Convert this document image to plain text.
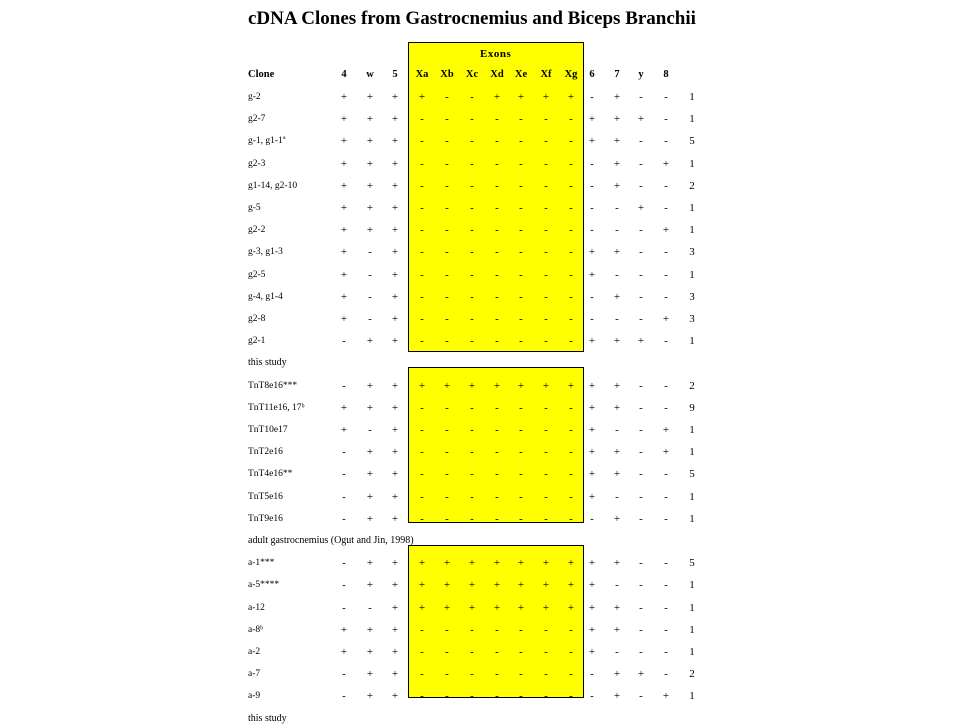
cDNA Clones from Gastrocnemius and Biceps Branchii
Exons
Clone	4	w	5	Xa Xb Xc Xd Xe Xf Xg	6	7	y	8
g-2	+	+	+	+	-	-	+	+	+	+	-	+	-	-	1
g2-7	+	+	+	-	-	-	-	-	-	-	+	+	+	-	1
g-1, g1-1ª	+	+	+	-	-	-	-	-	-	-	+	+	-	-	5
g2-3	+	+	+	-	-	-	-	-	-	-	-	+	-	+	1
g1-14, g2-10	+	+	+	-	-	-	-	-	-	-	-	+	-	-	2
g-5	+	+	+	-	-	-	-	-	-	-	-	-	+	-	1
g2-2	+	+	+	-	-	-	-	-	-	-	-	-	-	+	1
g-3, g1-3	+	-	+	-	-	-	-	-	-	-	+	+	-	-	3
g2-5	+	-	+	-	-	-	-	-	-	-	+	-	-	-	1
g-4, g1-4	+	-	+	-	-	-	-	-	-	-	-	+	-	-	3
g2-8	+	-	+	-	-	-	-	-	-	-	-	-	-	+	3
g2-1	-	+	+	-	-	-	-	-	-	-	+	+	+	-	1
this study
TnT8e16***	-	+	+	+	+	+	+	+	+	+	+	+	-	-	2
TnT11e16, 17ᵇ	+	+	+	-	-	-	-	-	-	-	+	+	-	-	9
TnT10e17	+	-	+	-	-	-	-	-	-	-	+	-	-	+	1
TnT2e16	-	+	+	-	-	-	-	-	-	-	+	+	-	+	1
TnT4e16**	-	+	+	-	-	-	-	-	-	-	+	+	-	-	5
TnT5e16	-	+	+	-	-	-	-	-	-	-	+	-	-	-	1
TnT9e16	-	+	+	-	-	-	-	-	-	-	-	+	-	-	1
adult gastrocnemius (Ogut and Jin, 1998)
a-1***	-	+	+	+	+	+	+	+	+	+	+	+	-	-	5
a-5****	-	+	+	+	+	+	+	+	+	+	+	-	-	-	1
a-12	-	-	+	+	+	+	+	+	+	+	+	+	-	-	1
a-8ᵇ	+	+	+	-	-	-	-	-	-	-	+	+	-	-	1
a-2	+	+	+	-	-	-	-	-	-	-	+	-	-	-	1
a-7	-	+	+	-	-	-	-	-	-	-	-	+	+	-	2
a-9	-	+	+	-	-	-	-	-	-	-	-	+	-	+	1
this study
